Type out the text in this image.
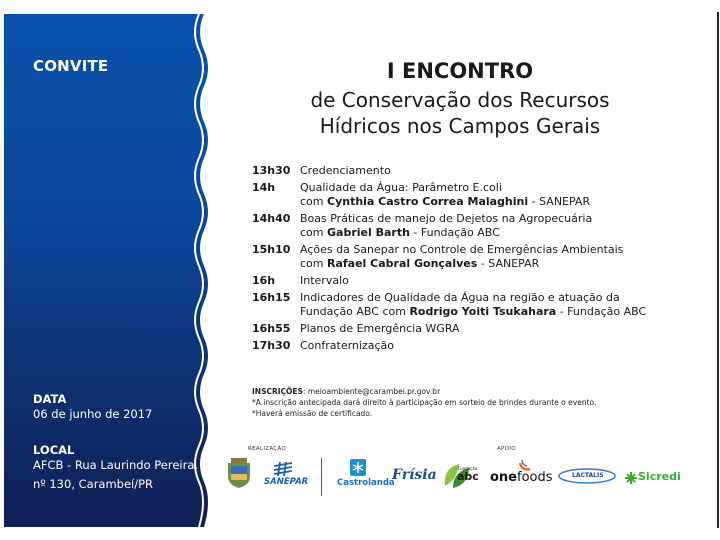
CONVITE
DATA
06 de junho de 2017
LOCAL
AFCB - Rua Laurindo Pereira,
nº 130, Carambeí/PR
I ENCONTRO
de Conservação dos Recursos
Hídricos nos Campos Gerais
13h30 Credenciamento
14h	Qualidade da Água: Parâmetro E.coli
com Cynthia Castro Correa Malaghini - SANEPAR
14h40 Boas Práticas de manejo de Dejetos na Agropecuária
com Gabriel Barth - Fundação ABC
15h10 Ações da Sanepar no Controle de Emergências Ambientais
com Rafael Cabral Gonçalves - SANEPAR
16h	Intervalo
16h15 Indicadores de Qualidade da Água na região e atuação da
Fundação ABC com Rodrigo Yoiti Tsukahara - Fundação ABC
16h55 Planos de Emergência WGRA
17h30 Confraternização
INSCRIÇÕES: meioambiente@carambei.pr.gov.br
*A inscrição antecipada dará direito à participação em sorteio de brindes durante o evento.
*Haverá emissão de certificado.
REALIZAÇÃO	APOIO
SANEPAR	Castrolanda
Frísia	Fundação
abc onefoods	LACTALIS	Sicredi
